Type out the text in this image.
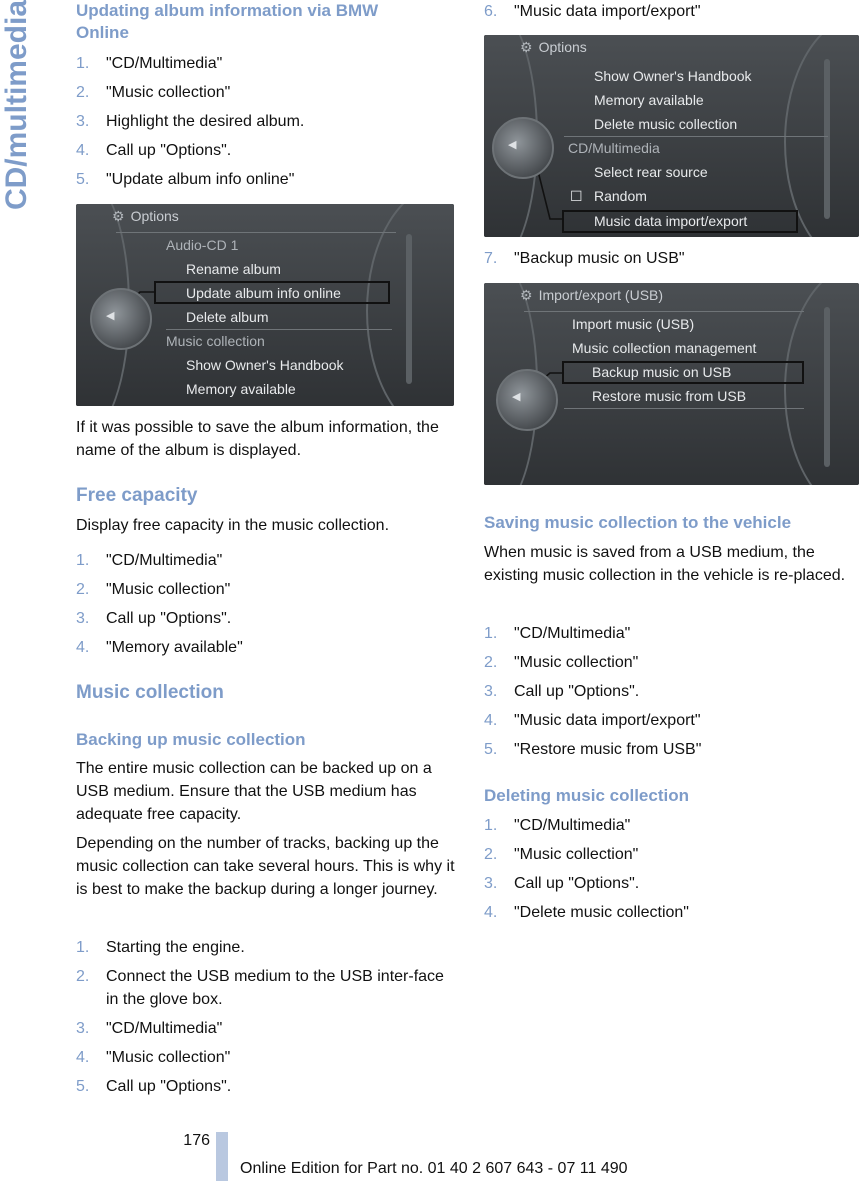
CD/multimedia	Updating album information via BMW Online
1. "CD/Multimedia"
2. "Music collection"
3. Highlight the desired album.
4. Call up "Options".
5. "Update album info online"
⚙ Options
Audio-CD 1
Rename album
Update album info online
Delete album
Music collection
Show Owner's Handbook
Memory available
◀

If it was possible to save the album information, the name of the album is displayed.

Free capacity

Display free capacity in the music collection.

1. "CD/Multimedia"
2. "Music collection"
3. Call up "Options".
4. "Memory available"
Music collection
Backing up music collection

The entire music collection can be backed up on a USB medium. Ensure that the USB medium has adequate free capacity.

Depending on the number of tracks, backing up the music collection can take several hours. This is why it is best to make the backup during a longer journey.

1. Starting the engine.
2. Connect the USB medium to the USB inter-face in the glove box.
3. "CD/Multimedia"
4. "Music collection"
5. Call up "Options".
6. "Music data import/export"
⚙ Options
Show Owner's Handbook
Memory available
Delete music collection
CD/Multimedia
Select rear source
☐ Random
Music data import/export
◀
7. "Backup music on USB"
⚙ Import/export (USB)
Import music (USB)
Music collection management
Backup music on USB
Restore music from USB
◀
Saving music collection to the vehicle

When music is saved from a USB medium, the existing music collection in the vehicle is re-placed.

1. "CD/Multimedia"
2. "Music collection"
3. Call up "Options".
4. "Music data import/export"
5. "Restore music from USB"
Deleting music collection
1. "CD/Multimedia"
2. "Music collection"
3. Call up "Options".
4. "Delete music collection"
176
Online Edition for Part no. 01 40 2 607 643 - 07 11 490
